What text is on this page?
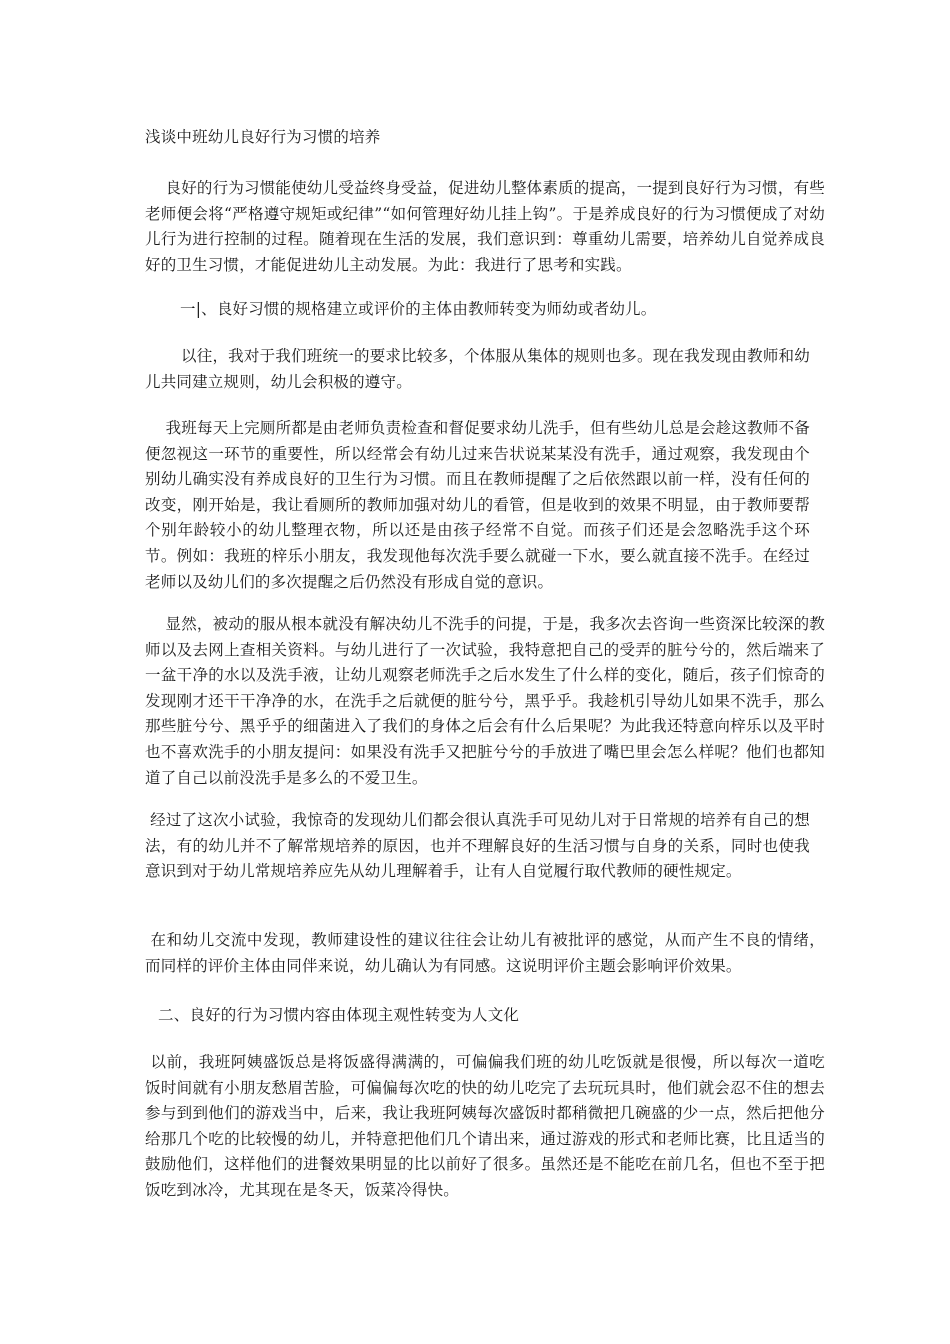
浅谈中班幼儿良好行为习惯的培养

良好的行为习惯能使幼儿受益终身受益，促进幼儿整体素质的提高，一提到良好行为习惯，有些老师便会将“严格遵守规矩或纪律”“如何管理好幼儿挂上钩”。于是养成良好的行为习惯便成了对幼儿行为进行控制的过程。随着现在生活的发展，我们意识到：尊重幼儿需要，培养幼儿自觉养成良好的卫生习惯，才能促进幼儿主动发展。为此：我进行了思考和实践。

一|、良好习惯的规格建立或评价的主体由教师转变为师幼或者幼儿。

以往，我对于我们班统一的要求比较多，个体服从集体的规则也多。现在我发现由教师和幼儿共同建立规则，幼儿会积极的遵守。

我班每天上完厕所都是由老师负责检查和督促要求幼儿洗手，但有些幼儿总是会趁这教师不备便忽视这一环节的重要性，所以经常会有幼儿过来告状说某某没有洗手，通过观察，我发现由个别幼儿确实没有养成良好的卫生行为习惯。而且在教师提醒了之后依然跟以前一样，没有任何的改变，刚开始是，我让看厕所的教师加强对幼儿的看管，但是收到的效果不明显，由于教师要帮个别年龄较小的幼儿整理衣物，所以还是由孩子经常不自觉。而孩子们还是会忽略洗手这个环节。例如：我班的梓乐小朋友，我发现他每次洗手要么就碰一下水，要么就直接不洗手。在经过老师以及幼儿们的多次提醒之后仍然没有形成自觉的意识。

显然，被动的服从根本就没有解决幼儿不洗手的问提，于是，我多次去咨询一些资深比较深的教师以及去网上查相关资料。与幼儿进行了一次试验，我特意把自己的受弄的脏兮兮的，然后端来了一盆干净的水以及洗手液，让幼儿观察老师洗手之后水发生了什么样的变化，随后，孩子们惊奇的发现刚才还干干净净的水，在洗手之后就便的脏兮兮，黑乎乎。我趁机引导幼儿如果不洗手，那么那些脏兮兮、黑乎乎的细菌进入了我们的身体之后会有什么后果呢？为此我还特意向梓乐以及平时也不喜欢洗手的小朋友提问：如果没有洗手又把脏兮兮的手放进了嘴巴里会怎么样呢？他们也都知道了自己以前没洗手是多么的不爱卫生。

经过了这次小试验，我惊奇的发现幼儿们都会很认真洗手可见幼儿对于日常规的培养有自己的想法，有的幼儿并不了解常规培养的原因，也并不理解良好的生活习惯与自身的关系，同时也使我意识到对于幼儿常规培养应先从幼儿理解着手，让有人自觉履行取代教师的硬性规定。

在和幼儿交流中发现，教师建设性的建议往往会让幼儿有被批评的感觉，从而产生不良的情绪，而同样的评价主体由同伴来说，幼儿确认为有同感。这说明评价主题会影响评价效果。

二、良好的行为习惯内容由体现主观性转变为人文化

以前，我班阿姨盛饭总是将饭盛得满满的，可偏偏我们班的幼儿吃饭就是很慢，所以每次一道吃饭时间就有小朋友愁眉苦脸，可偏偏每次吃的快的幼儿吃完了去玩玩具时，他们就会忍不住的想去参与到到他们的游戏当中，后来，我让我班阿姨每次盛饭时都稍微把几碗盛的少一点，然后把他分给那几个吃的比较慢的幼儿，并特意把他们几个请出来，通过游戏的形式和老师比赛，比且适当的鼓励他们，这样他们的进餐效果明显的比以前好了很多。虽然还是不能吃在前几名，但也不至于把饭吃到冰冷，尤其现在是冬天，饭菜冷得快。
